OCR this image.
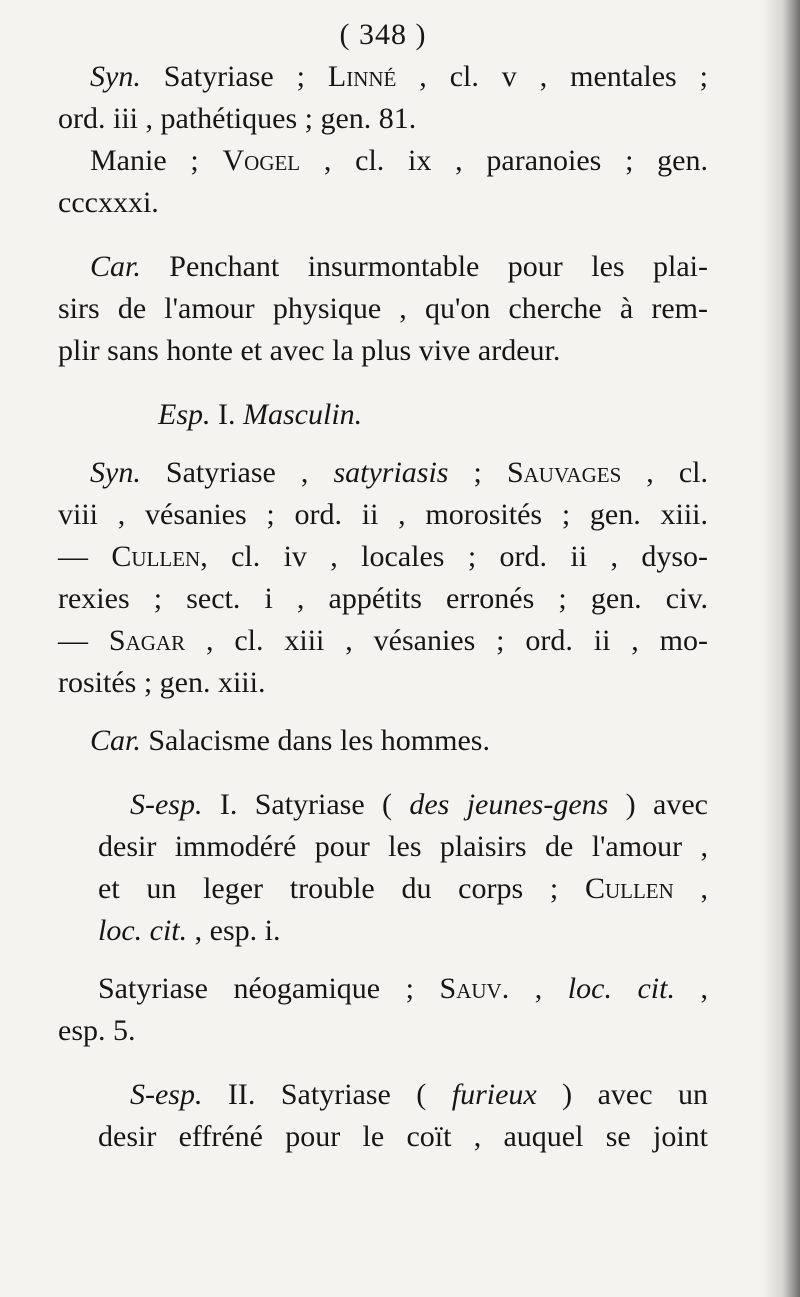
( 348 )
Syn. Satyriase ; Linné , cl. v , mentales ;
ord. iii , pathétiques ; gen. 81.
Manie ; Vogel , cl. ix , paranoies ; gen.
cccxxxi.
Car. Penchant insurmontable pour les plai-
sirs de l'amour physique , qu'on cherche à rem-
plir sans honte et avec la plus vive ardeur.
Esp. I. Masculin.
Syn. Satyriase , satyriasis ; Sauvages , cl.
viii , vésanies ; ord. ii , morosités ; gen. xiii.
— Cullen, cl. iv , locales ; ord. ii , dyso-
rexies ; sect. i , appétits erronés ; gen. civ.
— Sagar , cl. xiii , vésanies ; ord. ii , mo-
rosités ; gen. xiii.
Car. Salacisme dans les hommes.
S-esp. I. Satyriase ( des jeunes-gens ) avec
desir immodéré pour les plaisirs de l'amour ,
et un leger trouble du corps ; Cullen ,
loc. cit. , esp. i.
Satyriase néogamique ; Sauv. , loc. cit. ,
esp. 5.
S-esp. II. Satyriase ( furieux ) avec un
desir effréné pour le coït , auquel se joint
